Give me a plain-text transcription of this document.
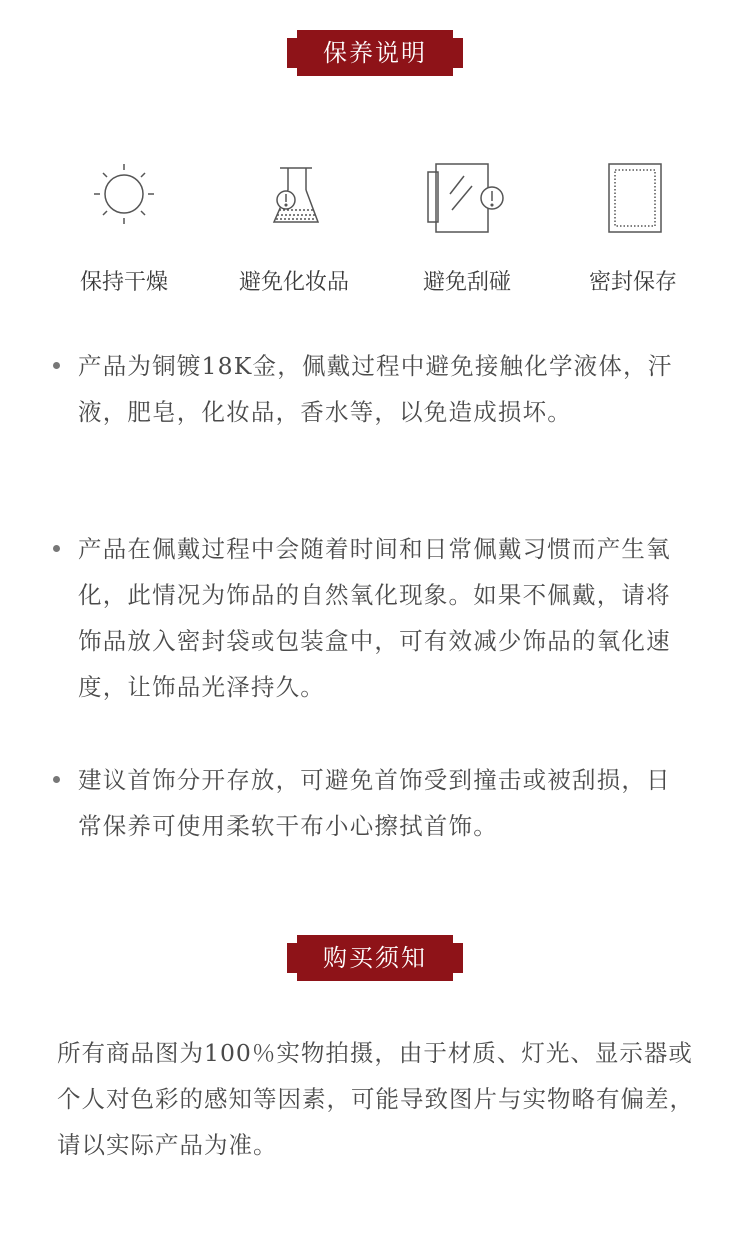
保养说明
保持干燥	避免化妆品	避免刮碰	密封保存
产品为铜镀18K金，佩戴过程中避免接触化学液体，汗液，肥皂，化妆品，香水等，以免造成损坏。
产品在佩戴过程中会随着时间和日常佩戴习惯而产生氧化，此情况为饰品的自然氧化现象。如果不佩戴，请将饰品放入密封袋或包装盒中，可有效减少饰品的氧化速度，让饰品光泽持久。
建议首饰分开存放，可避免首饰受到撞击或被刮损，日常保养可使用柔软干布小心擦拭首饰。
购买须知
所有商品图为100％实物拍摄，由于材质、灯光、显示器或个人对色彩的感知等因素，可能导致图片与实物略有偏差，请以实际产品为准。
